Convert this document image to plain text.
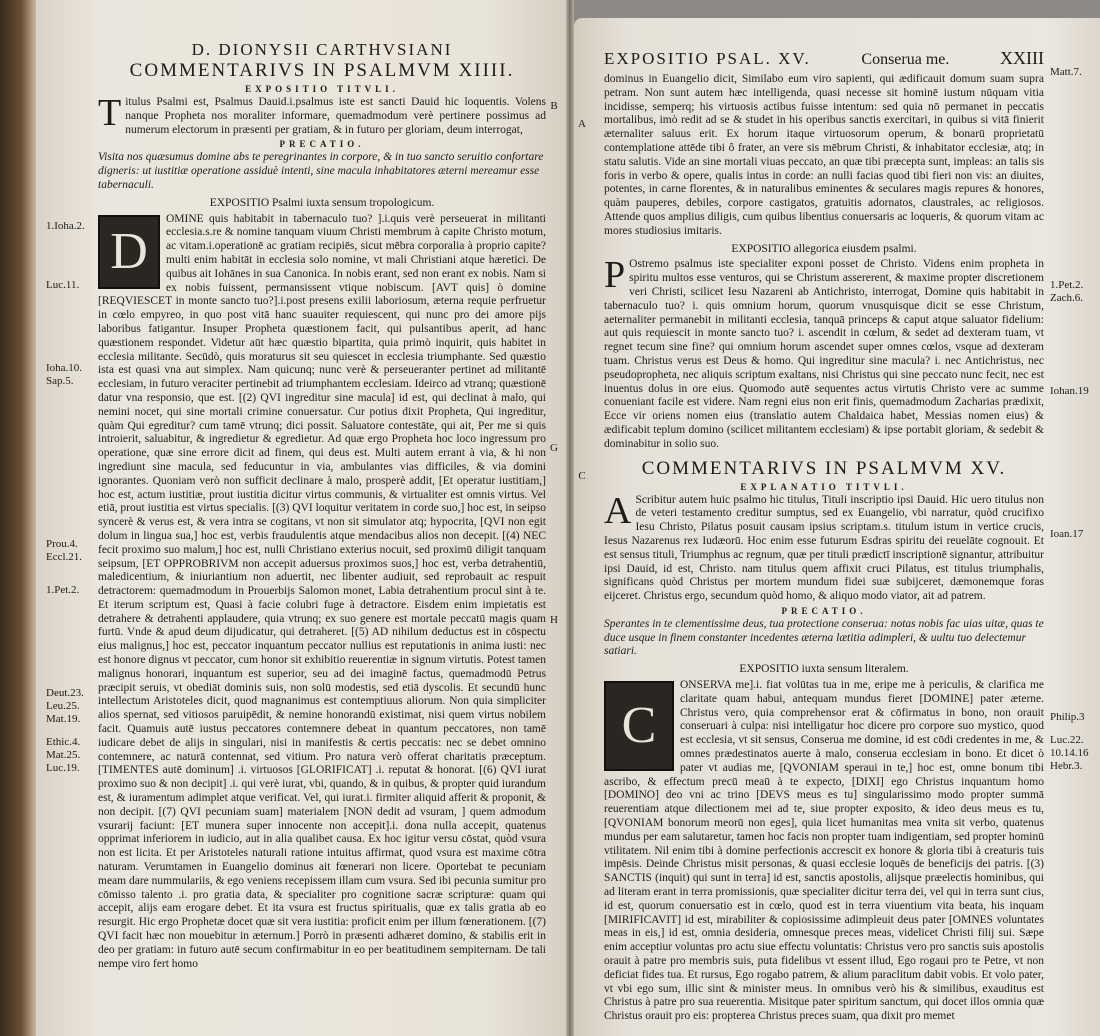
1.Ioha.2.
Luc.11.
Ioha.10.
Sap.5.
Prou.4.
Eccl.21.
1.Pet.2.
Deut.23.
Leu.25.
Mat.19.
Ethic.4.
Mat.25.
Luc.19.
D. DIONYSII CARTHVSIANI
COMMENTARIVS IN PSALMVM XIIII.
EXPOSITIO TITVLI.
Titulus Psalmi est, Psalmus Dauid.i.psalmus iste est sancti Dauid hic loquentis. Volens nanque Propheta nos moraliter informare, quemadmodum verè pertinere possimus ad numerum electorum in præsenti per gratiam, & in futuro per gloriam, deum interrogat,
PRECATIO.
Visita nos quæsumus domine abs te peregrinantes in corpore, & in tuo sancto seruitio confortare digneris: ut iustitiæ operatione assiduè intenti, sine macula inhabitatores æterni mereamur esse tabernaculi.
EXPOSITIO Psalmi iuxta sensum tropologicum.
D
OMINE quis habitabit in tabernaculo tuo? ].i.quis verè perseuerat in militanti ecclesia.s.re & nomine tanquam viuum Christi membrum à capite Christo motum, ac vitam.i.operationē ac gratiam recipiēs, sicut mēbra corporalia à proprio capite? multi enim habitāt in ecclesia solo nomine, vt mali Christiani atque hæretici. De quibus ait Iohānes in sua Canonica. In nobis erant, sed non erant ex nobis. Nam si ex nobis fuissent, permansissent vtique nobiscum. [AVT quis] ò domine [REQVIESCET in monte sancto tuo?].i.post presens exilii laboriosum, æterna requie perfruetur in cœlo empyreo, in quo post vitā hanc suauiter requiescent, qui nunc pro dei amore pijs laboribus fatigantur. Insuper Propheta quæstionem facit, qui pulsantibus aperit, ad hanc quæstionem respondet. Videtur aūt hæc quæstio bipartita, quia primò inquirit, quis habitet in ecclesia militante. Secūdò, quis moraturus sit seu quiescet in ecclesia triumphante. Sed quæstio ista est quasi vna aut simplex. Nam quicunq; nunc verè & perseueranter pertinet ad militantē ecclesiam, in futuro veraciter pertinebit ad triumphantem ecclesiam. Ideirco ad vtranq; quæstionē datur vna responsio, que est. [(2) QVI ingreditur sine macula] id est, qui declinat à malo, qui nemini nocet, qui sine mortali crimine conuersatur. Cur potius dixit Propheta, Qui ingreditur, quàm Qui egreditur? cum tamē vtrunq; dici possit. Saluatore contestāte, qui ait, Per me si quis introierit, saluabitur, & ingredietur & egredietur. Ad quæ ergo Propheta hoc loco ingressum pro operatione, quæ sine errore dicit ad finem, qui deus est. Multi autem errant à via, & hi non ingrediunt sine macula, sed feducuntur in via, ambulantes vias difficiles, & via domini ignorantes. Quoniam verò non sufficit declinare à malo, prosperè addit, [Et operatur iustitiam,] hoc est, actum iustitiæ, prout iustitia dicitur virtus communis, & virtualiter est omnis virtus. Vel etiā, prout iustitia est virtus specialis. [(3) QVI loquitur veritatem in corde suo,] hoc est, in seipso syncerè & verus est, & vera intra se cogitans, vt non sit simulator atq; hypocrita, [QVI non egit dolum in lingua sua,] hoc est, verbis fraudulentis atque mendacibus alios non decepit. [(4) NEC fecit proximo suo malum,] hoc est, nulli Christiano exterius nocuit, sed proximū diligit tanquam seipsum, [ET OPPROBRIVM non accepit aduersus proximos suos,] hoc est, verba detrahentiū, maledicentium, & iniuriantium non aduertit, nec libenter audiuit, sed reprobauit ac respuit detractorem: quemadmodum in Prouerbijs Salomon monet, Labia detrahentium procul sint à te. Et iterum scriptum est, Quasi à facie colubri fuge à detractore. Eisdem enim impietatis est detrahere & detrahenti applaudere, quia vtrunq; ex suo genere est mortale peccatū magis quam furtū. Vnde & apud deum dijudicatur, qui detraheret. [(5) AD nihilum deductus est in cōspectu eius malignus,] hoc est, peccator inquantum peccator nullius est reputationis in anima iusti: nec est honore dignus vt peccator, cum honor sit exhibitio reuerentiæ in signum virtutis. Potest tamen malignus honorari, inquantum est superior, seu ad dei imaginē factus, quemadmodū Petrus præcipit seruis, vt obediāt dominis suis, non solū modestis, sed etiā dyscolis. Et secundū hunc intellectum Aristoteles dicit, quod magnanimus est contemptiuus aliorum. Non quia simpliciter alios spernat, sed vitiosos paruipēdit, & nemine honorandū existimat, nisi quem virtus nobilem facit. Quamuis autē iustus peccatores contemnere debeat in quantum peccatores, non tamē iudicare debet de alijs in singulari, nisi in manifestis & certis peccatis: nec se debet omnino contemnere, ac naturā contennat, sed vitium. Pro natura verò offerat charitatis præceptum. [TIMENTES autē dominum] .i. virtuosos [GLORIFICAT] .i. reputat & honorat. [(6) QVI iurat proximo suo & non decipit] .i. qui verè iurat, vbi, quando, & in quibus, & propter quid iurandum est, & iuramentum adimplet atque verificat. Vel, qui iurat.i. firmiter aliquid afferit & proponit, & non decipit. [(7) QVI pecuniam suam] materialem [NON dedit ad vsuram, ] quem admodum vsurarij faciunt: [ET munera super innocente non accepit].i. dona nulla accepit, quatenus opprimat inferiorem in iudicio, aut in alia qualibet causa. Ex hoc igitur versu cōstat, quòd vsura non est licita. Et per Aristoteles naturali ratione intuitus affirmat, quod vsura est maxime cōtra naturam. Verumtamen in Euangelio dominus ait fœnerari non licere. Oportebat te pecuniam meam dare nummulariis, & ego veniens recepissem illam cum vsura. Sed ibi pecunia sumitur pro cōmisso talento .i. pro gratia data, & specialiter pro cognitione sacræ scripturæ: quam qui accepit, alijs eam erogare debet. Et ita vsura est fructus spiritualis, quæ ex talis gratia ab eo resurgit. Hic ergo Prophetæ docet quæ sit vera iustitia: proficit enim per illum fœnerationem. [(7) QVI facit hæc non mouebitur in æternum.] Porrò in præsenti adhæret domino, & stabilis erit in deo per gratiam: in futuro autē secum confirmabitur in eo per beatitudinem sempiternam. De tali nempe viro fert homo
B
G
H
A
C
EXPOSITIO PSAL. XV.	Conserua me.	XXIII
dominus in Euangelio dicit, Similabo eum viro sapienti, qui ædificauit domum suam supra petram. Non sunt autem hæc intelligenda, quasi necesse sit hominē iustum nūquam vitia incidisse, semperq; his virtuosis actibus fuisse intentum: sed quia nō permanet in peccatis mortalibus, imò redit ad se & studet in his operibus sanctis exercitari, in quibus si vitā finierit æternaliter saluus erit. Ex horum itaque virtuosorum operum, & bonarū proprietatū contemplatione attēde tibi ô frater, an vere sis mēbrum Christi, & inhabitator ecclesiæ, atq; in statu salutis. Vide an sine mortali viuas peccato, an quæ tibi præcepta sunt, impleas: an talis sis foris in verbo & opere, qualis intus in corde: an nulli facias quod tibi fieri non vis: an diuites, potentes, in carne florentes, & in naturalibus eminentes & seculares magis repures & honores, quàm pauperes, debiles, corpore castigatos, gratuitis adornatos, claustrales, ac religiosos. Attende quos amplius diligis, cum quibus libentius conuersaris ac loqueris, & quorum vitam ac mores studiosius imitaris.
EXPOSITIO allegorica eiusdem psalmi.
P Ostremo psalmus iste specialiter exponi posset de Christo. Videns enim propheta in spiritu multos esse venturos, qui se Christum assererent, & maxime propter discretionem veri Christi, scilicet Iesu Nazareni ab Antichristo, interrogat, Domine quis habitabit in tabernaculo tuo? i. quis omnium horum, quorum vnusquisque dicit se esse Christum, aeternaliter permanebit in militanti ecclesia, tanquā princeps & caput atque saluator fidelium: aut quis requiescit in monte sancto tuo? i. ascendit in cœlum, & sedet ad dexteram tuam, vt regnet tecum sine fine? qui omnium horum ascendet super omnes cœlos, vsque ad dexteram tuam. Christus verus est Deus & homo. Qui ingreditur sine macula? i. nec Antichristus, nec pseudopropheta, nec aliquis scriptum exaltans, nisi Christus qui sine peccato nunc fecit, nec est inuentus dolus in ore eius. Quomodo autē sequentes actus virtutis Christo vere ac summe conueniant facile est videre. Nam regni eius non erit finis, quemadmodum Zacharias prædixit, Ecce vir oriens nomen eius (translatio autem Chaldaica habet, Messias nomen eius) & ædificabit teplum domino (scilicet militantem ecclesiam) & ipse portabit gloriam, & sedebit & dominabitur in solio suo.
COMMENTARIVS IN PSALMVM XV.
EXPLANATIO TITVLI.
A Scribitur autem huic psalmo hic titulus, Tituli inscriptio ipsi Dauid. Hic uero titulus non de veteri testamento creditur sumptus, sed ex Euangelio, vbi narratur, quòd crucifixo Iesu Christo, Pilatus posuit causam ipsius scriptam.s. titulum istum in vertice crucis, Iesus Nazarenus rex Iudæorū. Hoc enim esse futurum Esdras spiritu dei reuelāte cognouit. Et est sensus tituli, Triumphus ac regnum, quæ per tituli prædictī inscriptionē signantur, attribuitur ipsi Dauid, id est, Christo. nam titulus quem affixit cruci Pilatus, est titulus triumphalis, significans quòd Christus per mortem mundum fidei suæ subijceret, dæmonemque foras eijceret. Christus ergo, secundum quòd homo, & aliquo modo viator, ait ad patrem.
PRECATIO.
Sperantes in te clementissime deus, tua protectione conserua: notas nobis fac uias uitæ, quas te duce usque in finem constanter incedentes æterna lætitia adimpleri, & uultu tuo delectemur satiari.
EXPOSITIO iuxta sensum literalem.
C
ONSERVA me].i. fiat volūtas tua in me, eripe me à periculis, & clarifica me claritate quam habui, antequam mundus fieret [DOMINE] pater æterne. Christus vero, quia comprehensor erat & cōfirmatus in bono, non orauit conseruari à culpa: nisi intelligatur hoc dicere pro corpore suo mystico, quod est ecclesia, vt sit sensus, Conserua me domine, id est cōdi credentes in me, & omnes prædestinatos auerte à malo, conserua ecclesiam in bono. Et dicet ò pater vt audias me, [QVONIAM speraui in te,] hoc est, omne bonum tibi ascribo, & effectum precū meaū à te expecto, [DIXI] ego Christus inquantum homo [DOMINO] deo vni ac trino [DEVS meus es tu] singularissimo modo propter summā reuerentiam atque dilectionem mei ad te, siue propter exposito, & ideo deus meus es tu, [QVONIAM bonorum meorū non eges], quia licet humanitas mea vnita sit verbo, quatenus mundus per eam salutaretur, tamen hoc facis non propter tuam indigentiam, sed propter hominū vtilitatem. Nil enim tibi à domine perfectionis accrescit ex honore & gloria tibi à creaturis tuis impēsis. Deinde Christus misit personas, & quasi ecclesie loquēs de beneficijs dei patris. [(3) SANCTIS (inquit) qui sunt in terra] id est, sanctis apostolis, alijsque præelectis hominibus, qui ad literam erant in terra promissionis, quæ specialiter dicitur terra dei, vel qui in terra sunt cius, id est, quorum conuersatio est in cœlo, quod est in terra viuentium vita beata, his inquam [MIRIFICAVIT] id est, mirabiliter & copiosissime adimpleuit deus pater [OMNES voluntates meas in eis,] id est, omnia desideria, omnesque preces meas, videlicet Christi filij sui. Sæpe enim acceptiur voluntas pro actu siue effectu voluntatis: Christus vero pro sanctis suis apostolis orauit à patre pro membris suis, puta fidelibus vt essent illud, Ego rogaui pro te Petre, vt non deficiat fides tua. Et rursus, Ego rogabo patrem, & alium paraclitum dabit vobis. Et volo pater, vt vbi ego sum, illic sint & minister meus. In omnibus verò his & similibus, exauditus est Christus à patre pro sua reuerentia. Misitque pater spiritum sanctum, qui docet illos omnia quæ Christus orauit pro eis: propterea Christus preces suam, qua dixit pro memet
Matt.7.
1.Pet.2.
Zach.6.
Iohan.19
Ioan.17
Philip.3
Luc.22.
10.14.16
Hebr.3.
